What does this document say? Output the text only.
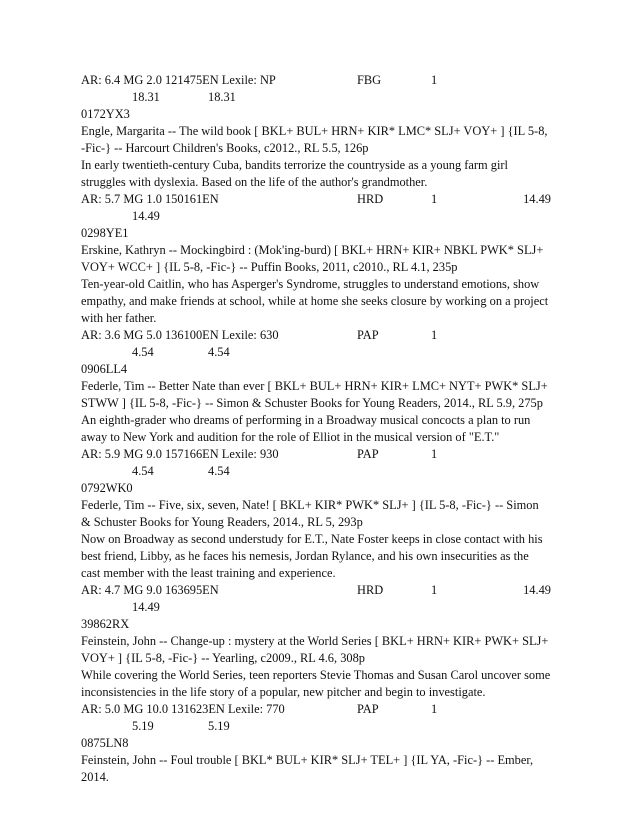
AR: 6.4 MG 2.0 121475EN Lexile: NP	FBG	1
18.31	18.31
0172YX3
Engle, Margarita -- The wild book [ BKL+ BUL+ HRN+ KIR* LMC* SLJ+ VOY+ ] {IL 5-8, -Fic-} -- Harcourt Children's Books, c2012., RL 5.5, 126p
In early twentieth-century Cuba, bandits terrorize the countryside as a young farm girl struggles with dyslexia. Based on the life of the author's grandmother.
AR: 5.7 MG 1.0 150161EN	HRD	1	14.49
14.49
0298YE1
Erskine, Kathryn -- Mockingbird : (Mok'ing-burd) [ BKL+ HRN+ KIR+ NBKL PWK* SLJ+ VOY+ WCC+ ] {IL 5-8, -Fic-} -- Puffin Books, 2011, c2010., RL 4.1, 235p
Ten-year-old Caitlin, who has Asperger's Syndrome, struggles to understand emotions, show empathy, and make friends at school, while at home she seeks closure by working on a project with her father.
AR: 3.6 MG 5.0 136100EN Lexile: 630	PAP	1
4.54	4.54
0906LL4
Federle, Tim -- Better Nate than ever [ BKL+ BUL+ HRN+ KIR+ LMC+ NYT+ PWK* SLJ+ STWW ] {IL 5-8, -Fic-} -- Simon & Schuster Books for Young Readers, 2014., RL 5.9, 275p
An eighth-grader who dreams of performing in a Broadway musical concocts a plan to run away to New York and audition for the role of Elliot in the musical version of "E.T."
AR: 5.9 MG 9.0 157166EN Lexile: 930	PAP	1
4.54	4.54
0792WK0
Federle, Tim -- Five, six, seven, Nate! [ BKL+ KIR* PWK* SLJ+ ] {IL 5-8, -Fic-} -- Simon & Schuster Books for Young Readers, 2014., RL 5, 293p
Now on Broadway as second understudy for E.T., Nate Foster keeps in close contact with his best friend, Libby, as he faces his nemesis, Jordan Rylance, and his own insecurities as the cast member with the least training and experience.
AR: 4.7 MG 9.0 163695EN	HRD	1	14.49
14.49
39862RX
Feinstein, John -- Change-up : mystery at the World Series [ BKL+ HRN+ KIR+ PWK+ SLJ+ VOY+ ] {IL 5-8, -Fic-} -- Yearling, c2009., RL 4.6, 308p
While covering the World Series, teen reporters Stevie Thomas and Susan Carol uncover some inconsistencies in the life story of a popular, new pitcher and begin to investigate.
AR: 5.0 MG 10.0 131623EN Lexile: 770	PAP	1
5.19	5.19
0875LN8
Feinstein, John -- Foul trouble [ BKL* BUL+ KIR* SLJ+ TEL+ ] {IL YA, -Fic-} -- Ember, 2014.
